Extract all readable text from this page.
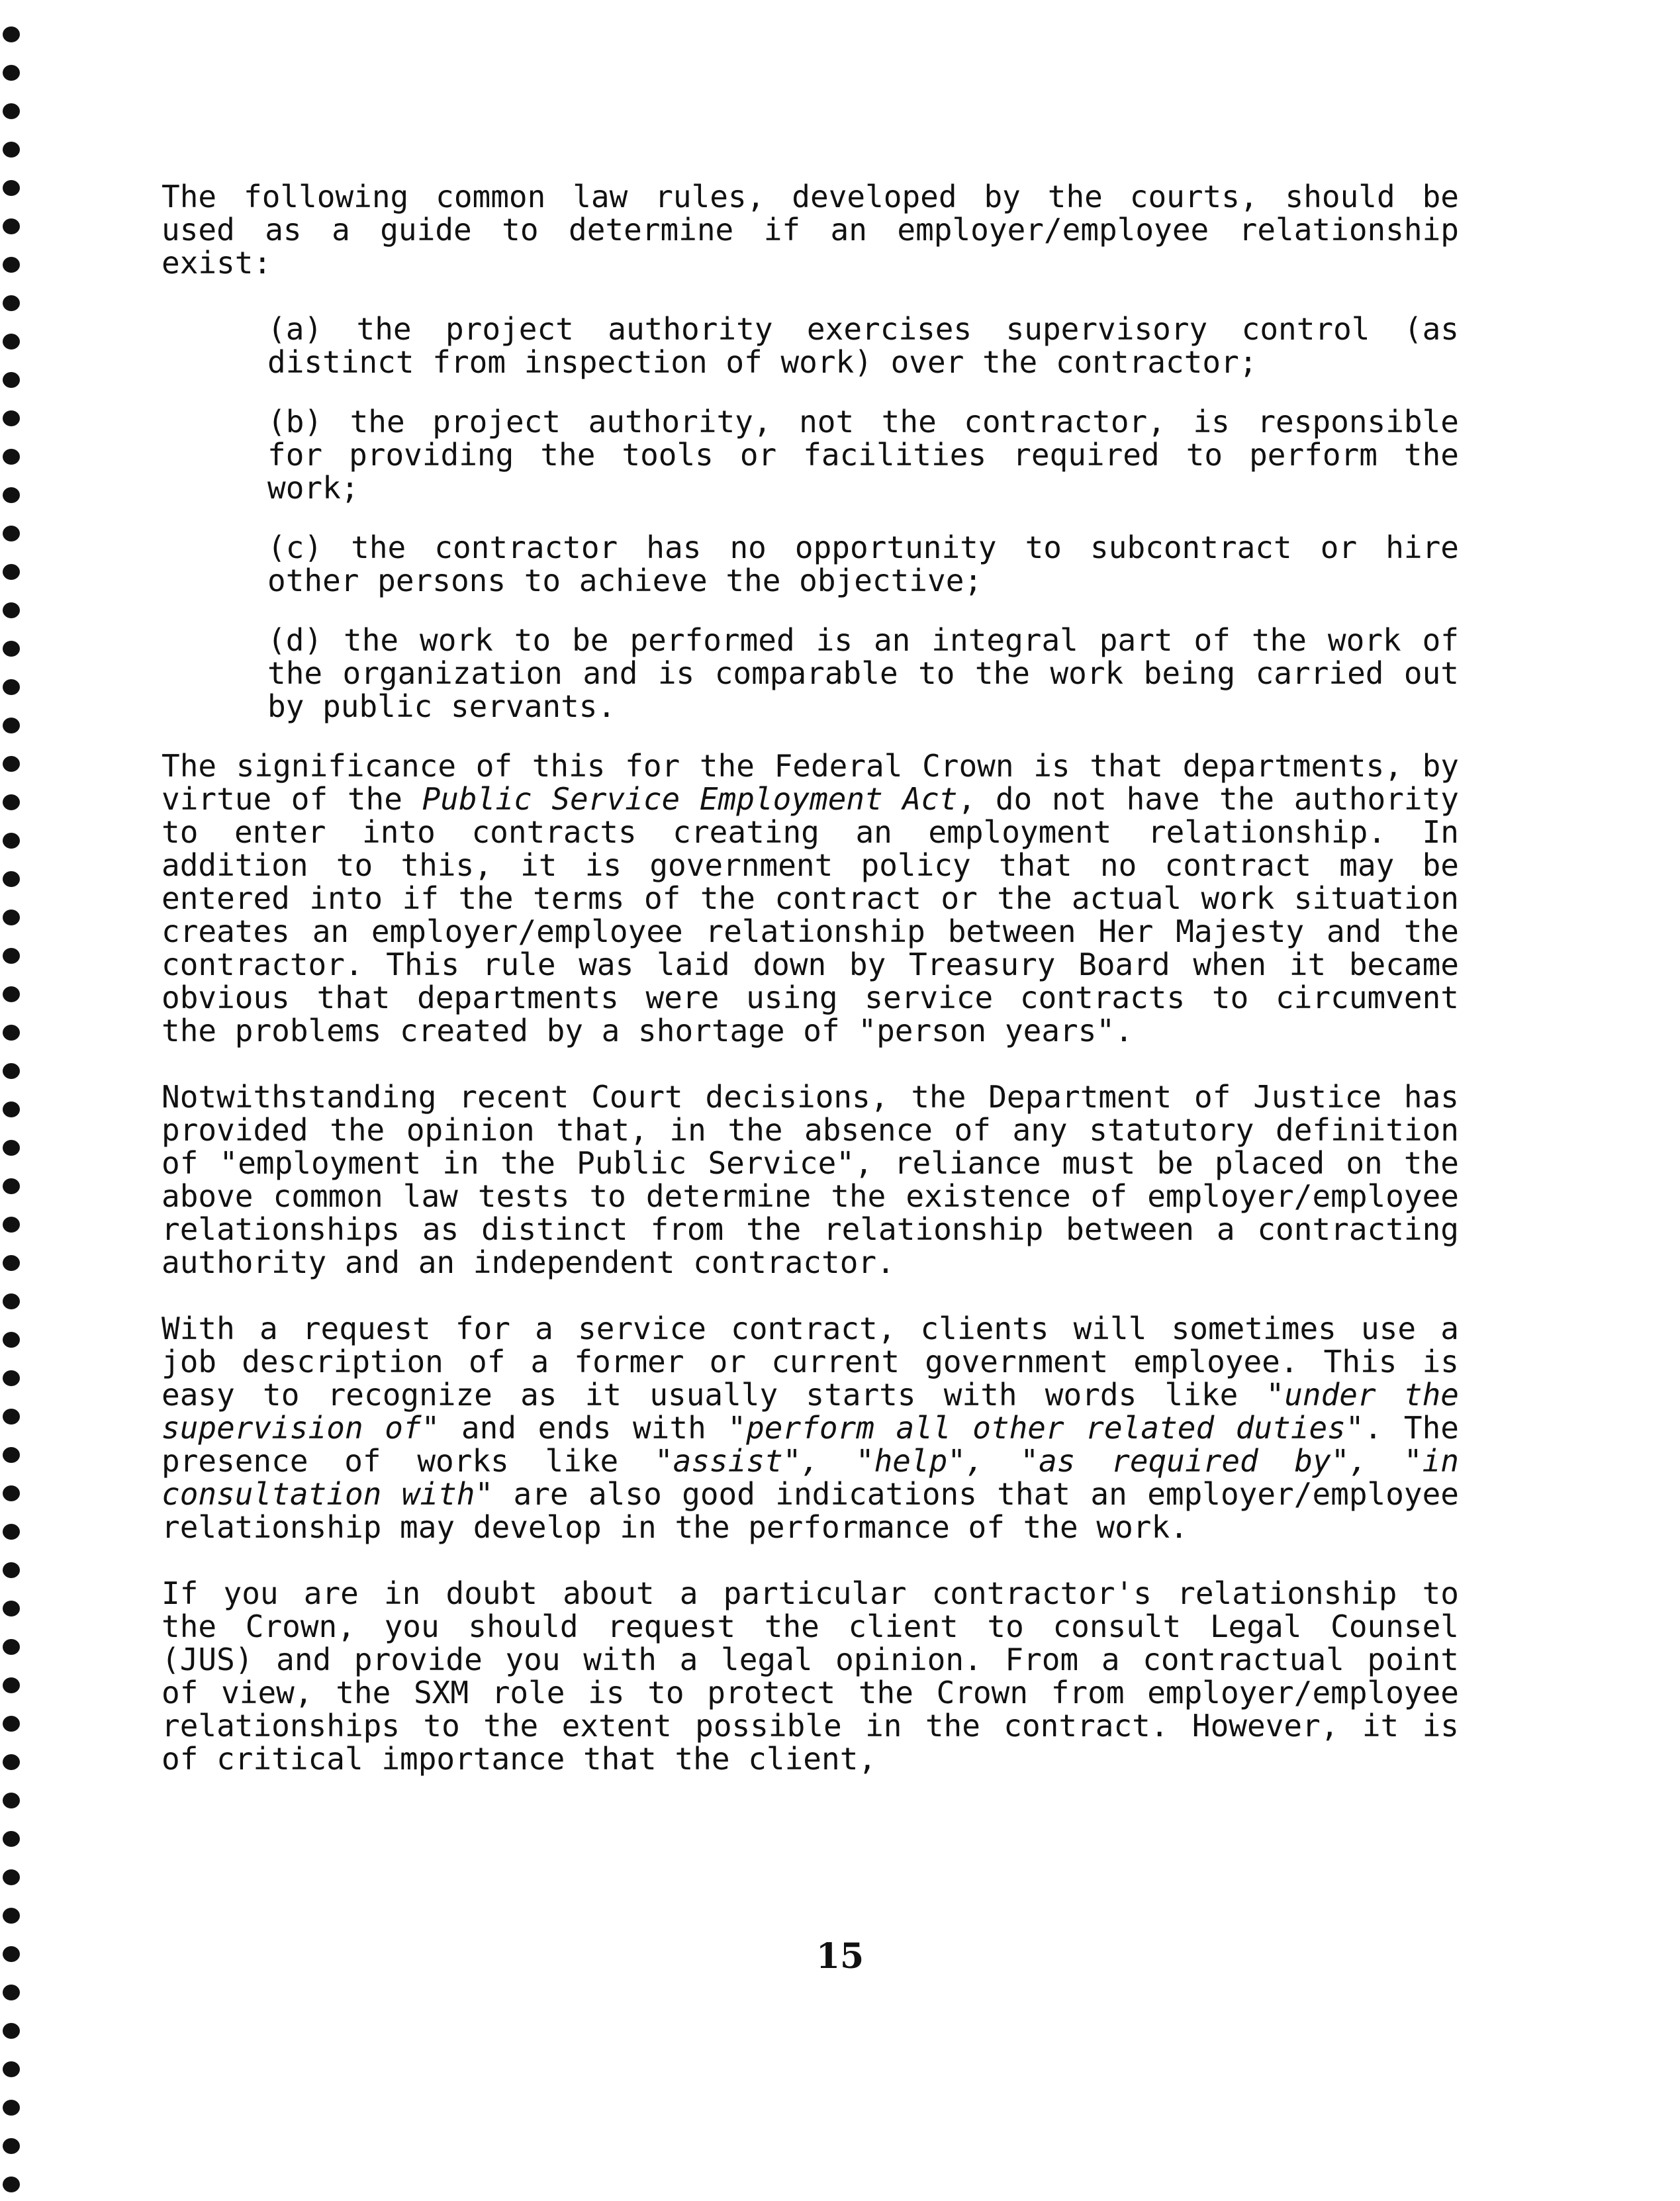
The following common law rules, developed by the courts, should be used as a guide to determine if an employer/employee relationship exist:

(a) the project authority exercises supervisory control (as distinct from inspection of work) over the contractor;

(b) the project authority, not the contractor, is responsible for providing the tools or facilities required to perform the work;

(c) the contractor has no opportunity to subcontract or hire other persons to achieve the objective;

(d) the work to be performed is an integral part of the work of the organization and is comparable to the work being carried out by public servants.

The significance of this for the Federal Crown is that departments, by virtue of the Public Service Employment Act, do not have the authority to enter into contracts creating an employment relationship. In addition to this, it is government policy that no contract may be entered into if the terms of the contract or the actual work situation creates an employer/employee relationship between Her Majesty and the contractor. This rule was laid down by Treasury Board when it became obvious that departments were using service contracts to circumvent the problems created by a shortage of "person years".

Notwithstanding recent Court decisions, the Department of Justice has provided the opinion that, in the absence of any statutory definition of "employment in the Public Service", reliance must be placed on the above common law tests to determine the existence of employer/employee relationships as distinct from the relationship between a contracting authority and an independent contractor.

With a request for a service contract, clients will sometimes use a job description of a former or current government employee. This is easy to recognize as it usually starts with words like "under the supervision of" and ends with "perform all other related duties". The presence of works like "assist", "help", "as required by", "in consultation with" are also good indications that an employer/employee relationship may develop in the performance of the work.

If you are in doubt about a particular contractor's relationship to the Crown, you should request the client to consult Legal Counsel (JUS) and provide you with a legal opinion. From a contractual point of view, the SXM role is to protect the Crown from employer/employee relationships to the extent possible in the contract. However, it is of critical importance that the client,

15
